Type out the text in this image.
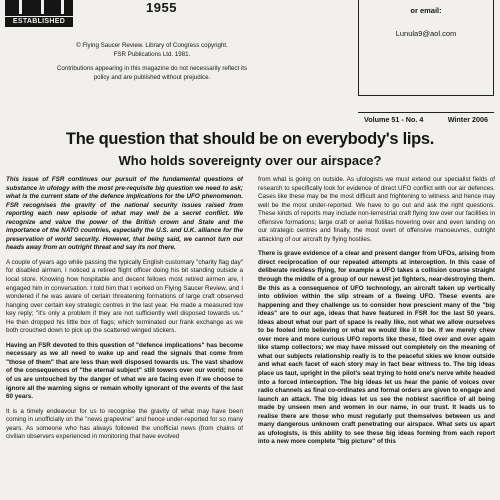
1955
ESTABLISHED 1955

© Flying Saucer Review. Library of Congress copyright.
FSR Publications Ltd. 1981.

Contributions appearing in this magazine do not necessarily reflect its policy and are published without prejudice.

or email:
Lunula9@aol.com
Volume 51 - No. 4	Winter 2006
The question that should be on everybody's lips.
Who holds sovereignty over our airspace?

This issue of FSR continues our pursuit of the fundamental questions of substance in ufology with the most pre-requisite big question we need to ask; what is the current state of the defence implications for the UFO phenomenon. FSR recognises the gravity of the national security issues raised from reporting each new episode of what may well be a secret conflict. We recognize and value the power of the British crown and State and the importance of the NATO countries, especially the U.S. and U.K. alliance for the preservation of world security. However, that being said, we cannot turn our heads away from an outright threat and say its not there.

A couple of years ago while passing the typically English customary "charity flag day" for disabled airmen, I noticed a retired flight officer doing his bit standing outside a local store. Knowing how hospitable and decent fellows most retired airmen are, I engaged him in conversation. I told him that I worked on Flying Saucer Review, and I wondered if he was aware of certain threatening formations of large craft observed hanging over certain key strategic centres in the last year. He made a measured low key reply; "it's only a problem if they are not sufficiently well disposed towards us." He then dropped his little box of flags; which terminated our frank exchange as we both crouched down to pick up the scattered winged stickers.

Having an FSR devoted to this question of "defence implications" has become necessary as we all need to wake up and read the signals that come from "those of them" that are less than well disposed towards us. The vast shadow of the consequences of "the eternal subject" still towers over our world; none of us are untouched by the danger of what we are facing even if we choose to ignore all the warning signs or remain wholly ignorant of the events of the last 60 years.

It is a timely endeavour for us to recognise the gravity of what may have been coming in unofficially on the "news grapevine" and hence under-reported for so many years. As someone who has always followed the unofficial news (from chains of civilian observers experienced in monitoring that have evolved

from what is going on outside. As ufologists we must extend our specialist fields of research to specifically look for evidence of direct UFO conflict with our air defences. Cases like these may be the most difficult and frightening to witness and hence may well be the most under-reported. We have to go out and ask the right questions. These kinds of reports may include non-terrestrial craft flying low over our facilities in offensive formations; large craft or aerial flotillas hovering over and even landing on our strategic centres and finally, the most overt of offensive manoeuvres, outright attacking of our aircraft by flying hostiles.

There is grave evidence of a clear and present danger from UFOs, arising from direct reciprocation of our repeated attempts at interception. In this case of deliberate reckless flying, for example a UFO takes a collision course straight through the middle of a group of our newest jet fighters, near-destroying them. Be this as a consequence of UFO technology, an aircraft taken up vertically into oblivion within the slip stream of a fleeing UFO. These events are happening and they challenge us to consider how prescient many of the "big ideas" are to our age, ideas that have featured in FSR for the last 50 years. Ideas about what our part of space is really like, not what we allow ourselves to be fooled into believing or what we would like it to be. If we merely chew over more and more curious UFO reports like these, filed over and over again like stamp collectors; we may have missed out completely on the meaning of what our subjects relationship really is to the peaceful skies we know outside and what each facet of each story may in fact bear witness to. The big ideas place us taut, upright in the pilot's seat trying to hold one's nerve while headed into a forced interception. The big ideas let us hear the panic of voices over radio channels as final co-ordinates and formal orders are given to engage and launch an attack. The big ideas let us see the noblest sacrifice of all being made by unseen men and women in our name, in our trust. It leads us to realise there are those who must regularly put themselves between us and many dangerous unknown craft penetrating our airspace. What sets us apart as ufologists, is this ability to see these big ideas forming from each report into a new more complete "big picture" of this
